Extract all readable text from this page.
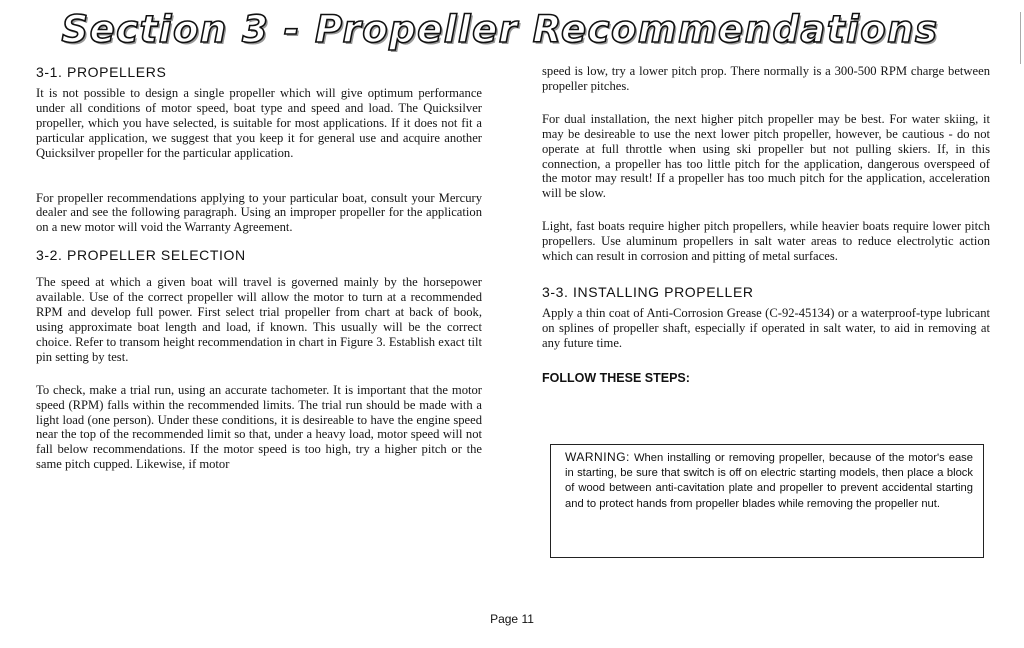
Section 3 - Propeller Recommendations
3-1. PROPELLERS

It is not possible to design a single propeller which will give optimum performance under all conditions of motor speed, boat type and speed and load. The Quicksilver propeller, which you have selected, is suitable for most applications. If it does not fit a particular application, we suggest that you keep it for general use and acquire another Quicksilver propeller for the particular application.

For propeller recommendations applying to your particular boat, consult your Mercury dealer and see the following paragraph. Using an improper propeller for the application on a new motor will void the Warranty Agreement.

3-2. PROPELLER SELECTION

The speed at which a given boat will travel is governed mainly by the horsepower available. Use of the correct propeller will allow the motor to turn at a recommended RPM and develop full power. First select trial propeller from chart at back of book, using approximate boat length and load, if known. This usually will be the correct choice. Refer to transom height recommendation in chart in Figure 3. Establish exact tilt pin setting by test.

To check, make a trial run, using an accurate tachometer. It is important that the motor speed (RPM) falls within the recommended limits. The trial run should be made with a light load (one person). Under these conditions, it is desireable to have the engine speed near the top of the recommended limit so that, under a heavy load, motor speed will not fall below recommendations. If the motor speed is too high, try a higher pitch or the same pitch cupped. Likewise, if motor

speed is low, try a lower pitch prop. There normally is a 300-500 RPM charge between propeller pitches.

For dual installation, the next higher pitch propeller may be best. For water skiing, it may be desireable to use the next lower pitch propeller, however, be cautious - do not operate at full throttle when using ski propeller but not pulling skiers. If, in this connection, a propeller has too little pitch for the application, dangerous overspeed of the motor may result! If a propeller has too much pitch for the application, acceleration will be slow.

Light, fast boats require higher pitch propellers, while heavier boats require lower pitch propellers. Use aluminum propellers in salt water areas to reduce electrolytic action which can result in corrosion and pitting of metal surfaces.

3-3. INSTALLING PROPELLER

Apply a thin coat of Anti-Corrosion Grease (C-92-45134) or a waterproof-type lubricant on splines of propeller shaft, especially if operated in salt water, to aid in removing at any future time.

FOLLOW THESE STEPS:

WARNING: When installing or removing propeller, because of the motor's ease in starting, be sure that switch is off on electric starting models, then place a block of wood between anti-cavitation plate and propeller to prevent accidental starting and to protect hands from propeller blades while removing the propeller nut.

Page 11
